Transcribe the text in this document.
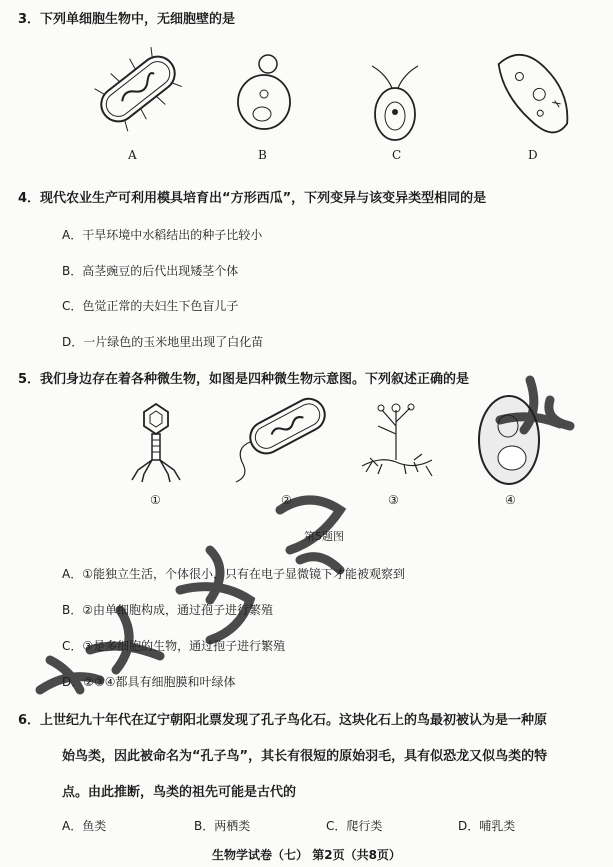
3．下列单细胞生物中，无细胞壁的是
A	B	C	D
4．现代农业生产可利用模具培育出“方形西瓜”，下列变异与该变异类型相同的是
A．干旱环境中水稻结出的种子比较小
B．高茎豌豆的后代出现矮茎个体
C．色觉正常的夫妇生下色盲儿子
D．一片绿色的玉米地里出现了白化苗
5．我们身边存在着各种微生物，如图是四种微生物示意图。下列叙述正确的是
①	②	③	④
第5题图
A．①能独立生活，个体很小，只有在电子显微镜下才能被观察到
B．②由单细胞构成，通过孢子进行繁殖
C．③是多细胞的生物，通过孢子进行繁殖
D．②③④都具有细胞膜和叶绿体
6．上世纪九十年代在辽宁朝阳北票发现了孔子鸟化石。这块化石上的鸟最初被认为是一种原
始鸟类，因此被命名为“孔子鸟”，其长有很短的原始羽毛，具有似恐龙又似鸟类的特
点。由此推断，鸟类的祖先可能是古代的
A．鱼类	B．两栖类	C．爬行类	D．哺乳类
生物学试卷（七） 第2页（共8页）
